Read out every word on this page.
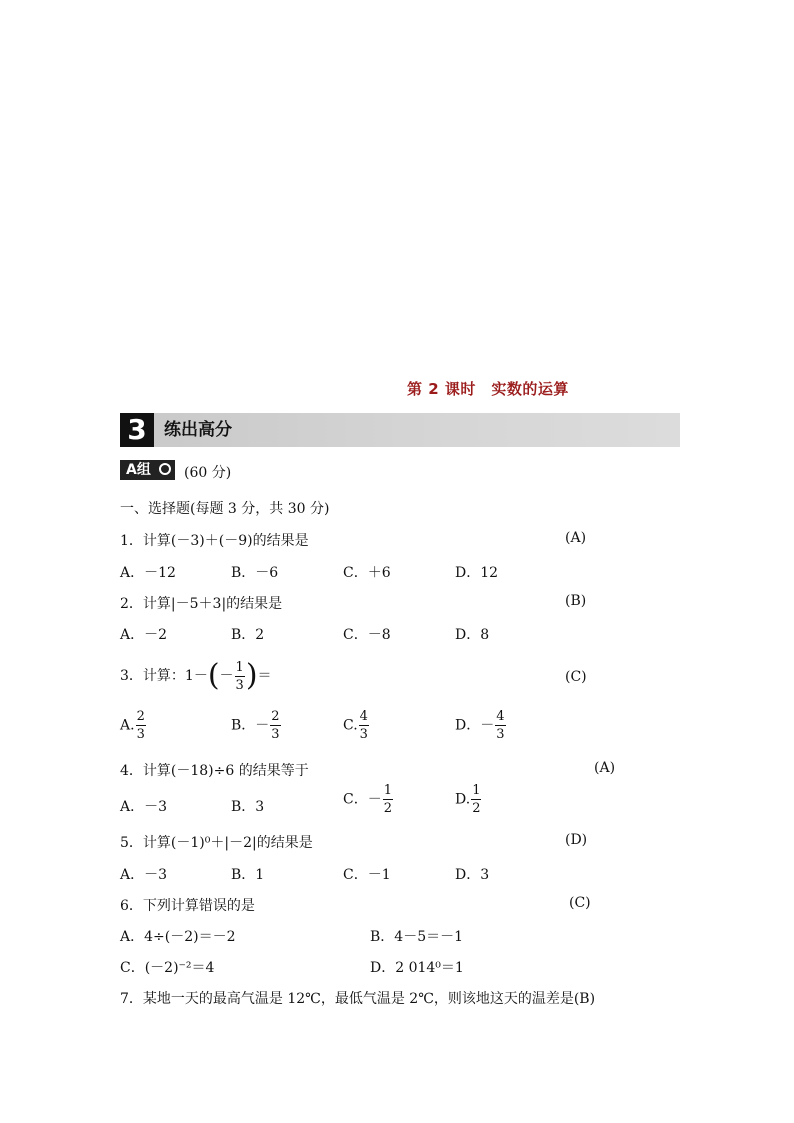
第 2 课时　实数的运算
3	练出高分
A组	(60 分)
一、选择题(每题 3 分，共 30 分)
1．计算(－3)＋(－9)的结果是	(A)
A．－12	B．－6	C．＋6	D．12
2．计算|－5＋3|的结果是	(B)
A．－2	B．2	C．－8	D．8
3．计算：$1-(- \frac{1}{3}$ )＝	(C)
A. $\frac{2}{3}$	B．－ $\frac{2}{3}$	C. $\frac{4}{3}$	D．－ $\frac{4}{3}$
4．计算(－18)÷6 的结果等于	(A)
A．－3	B．3	C．－ $\frac{1}{2}$	D. $\frac{1}{2}$
5．计算(－1)⁰＋|－2|的结果是	(D)
A．－3	B．1	C．－1	D．3
6．下列计算错误的是	(C)
A．4÷(－2)＝－2	B．4－5＝－1
C．(－2)⁻²＝4	D．2 014⁰＝1
7．某地一天的最高气温是 12℃，最低气温是 2℃，则该地这天的温差是(B)
